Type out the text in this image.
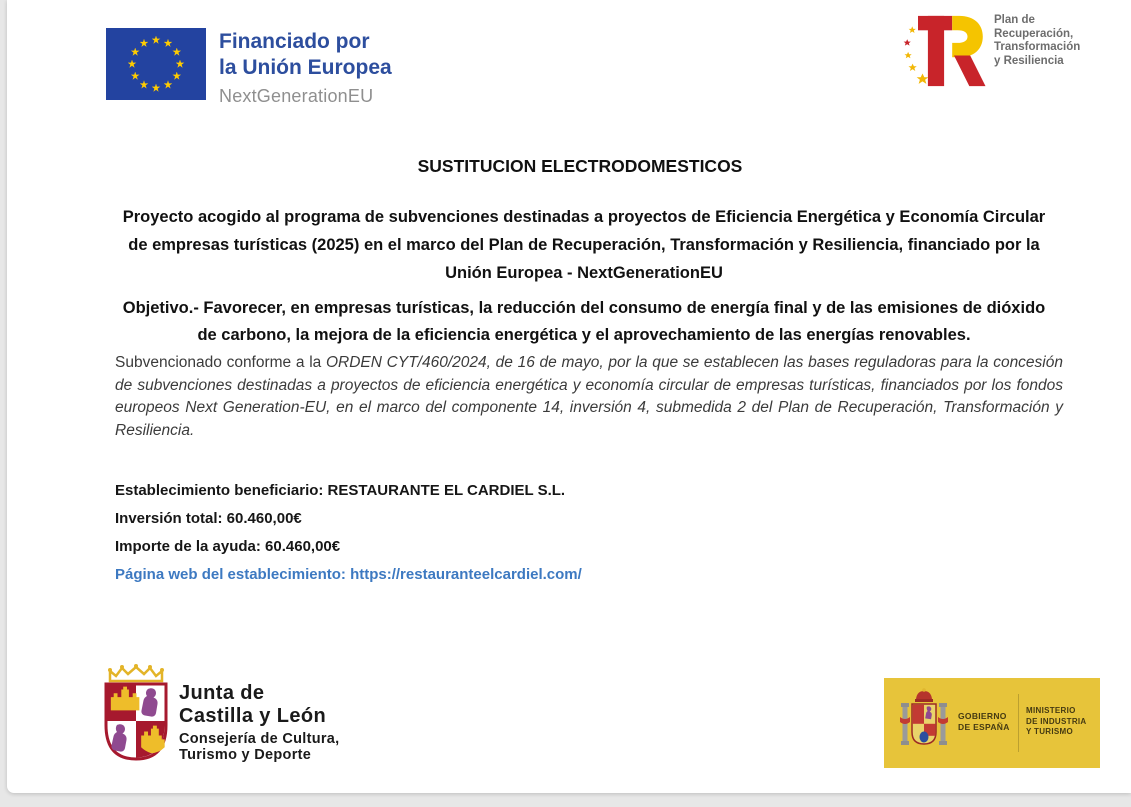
Financiado por
la Unión Europea
NextGenerationEU
Plan de
Recuperación,
Transformación
y Resiliencia
SUSTITUCION ELECTRODOMESTICOS
Proyecto acogido al programa de subvenciones destinadas a proyectos de Eficiencia Energética y Economía Circular de empresas turísticas (2025) en el marco del Plan de Recuperación, Transformación y Resiliencia, financiado por la Unión Europea - NextGenerationEU
Objetivo.- Favorecer, en empresas turísticas, la reducción del consumo de energía final y de las emisiones de dióxido de carbono, la mejora de la eficiencia energética y el aprovechamiento de las energías renovables.
Subvencionado conforme a la ORDEN CYT/460/2024, de 16 de mayo, por la que se establecen las bases reguladoras para la concesión de subvenciones destinadas a proyectos de eficiencia energética y economía circular de empresas turísticas, financiados por los fondos europeos Next Generation-EU, en el marco del componente 14, inversión 4, submedida 2 del Plan de Recuperación, Transformación y Resiliencia.
Establecimiento beneficiario: RESTAURANTE EL CARDIEL S.L.
Inversión total: 60.460,00€
Importe de la ayuda: 60.460,00€
Página web del establecimiento: https://restauranteelcardiel.com/
Junta de
Castilla y León
Consejería de Cultura,
Turismo y Deporte
GOBIERNO
DE ESPAÑA
MINISTERIO
DE INDUSTRIA
Y TURISMO
